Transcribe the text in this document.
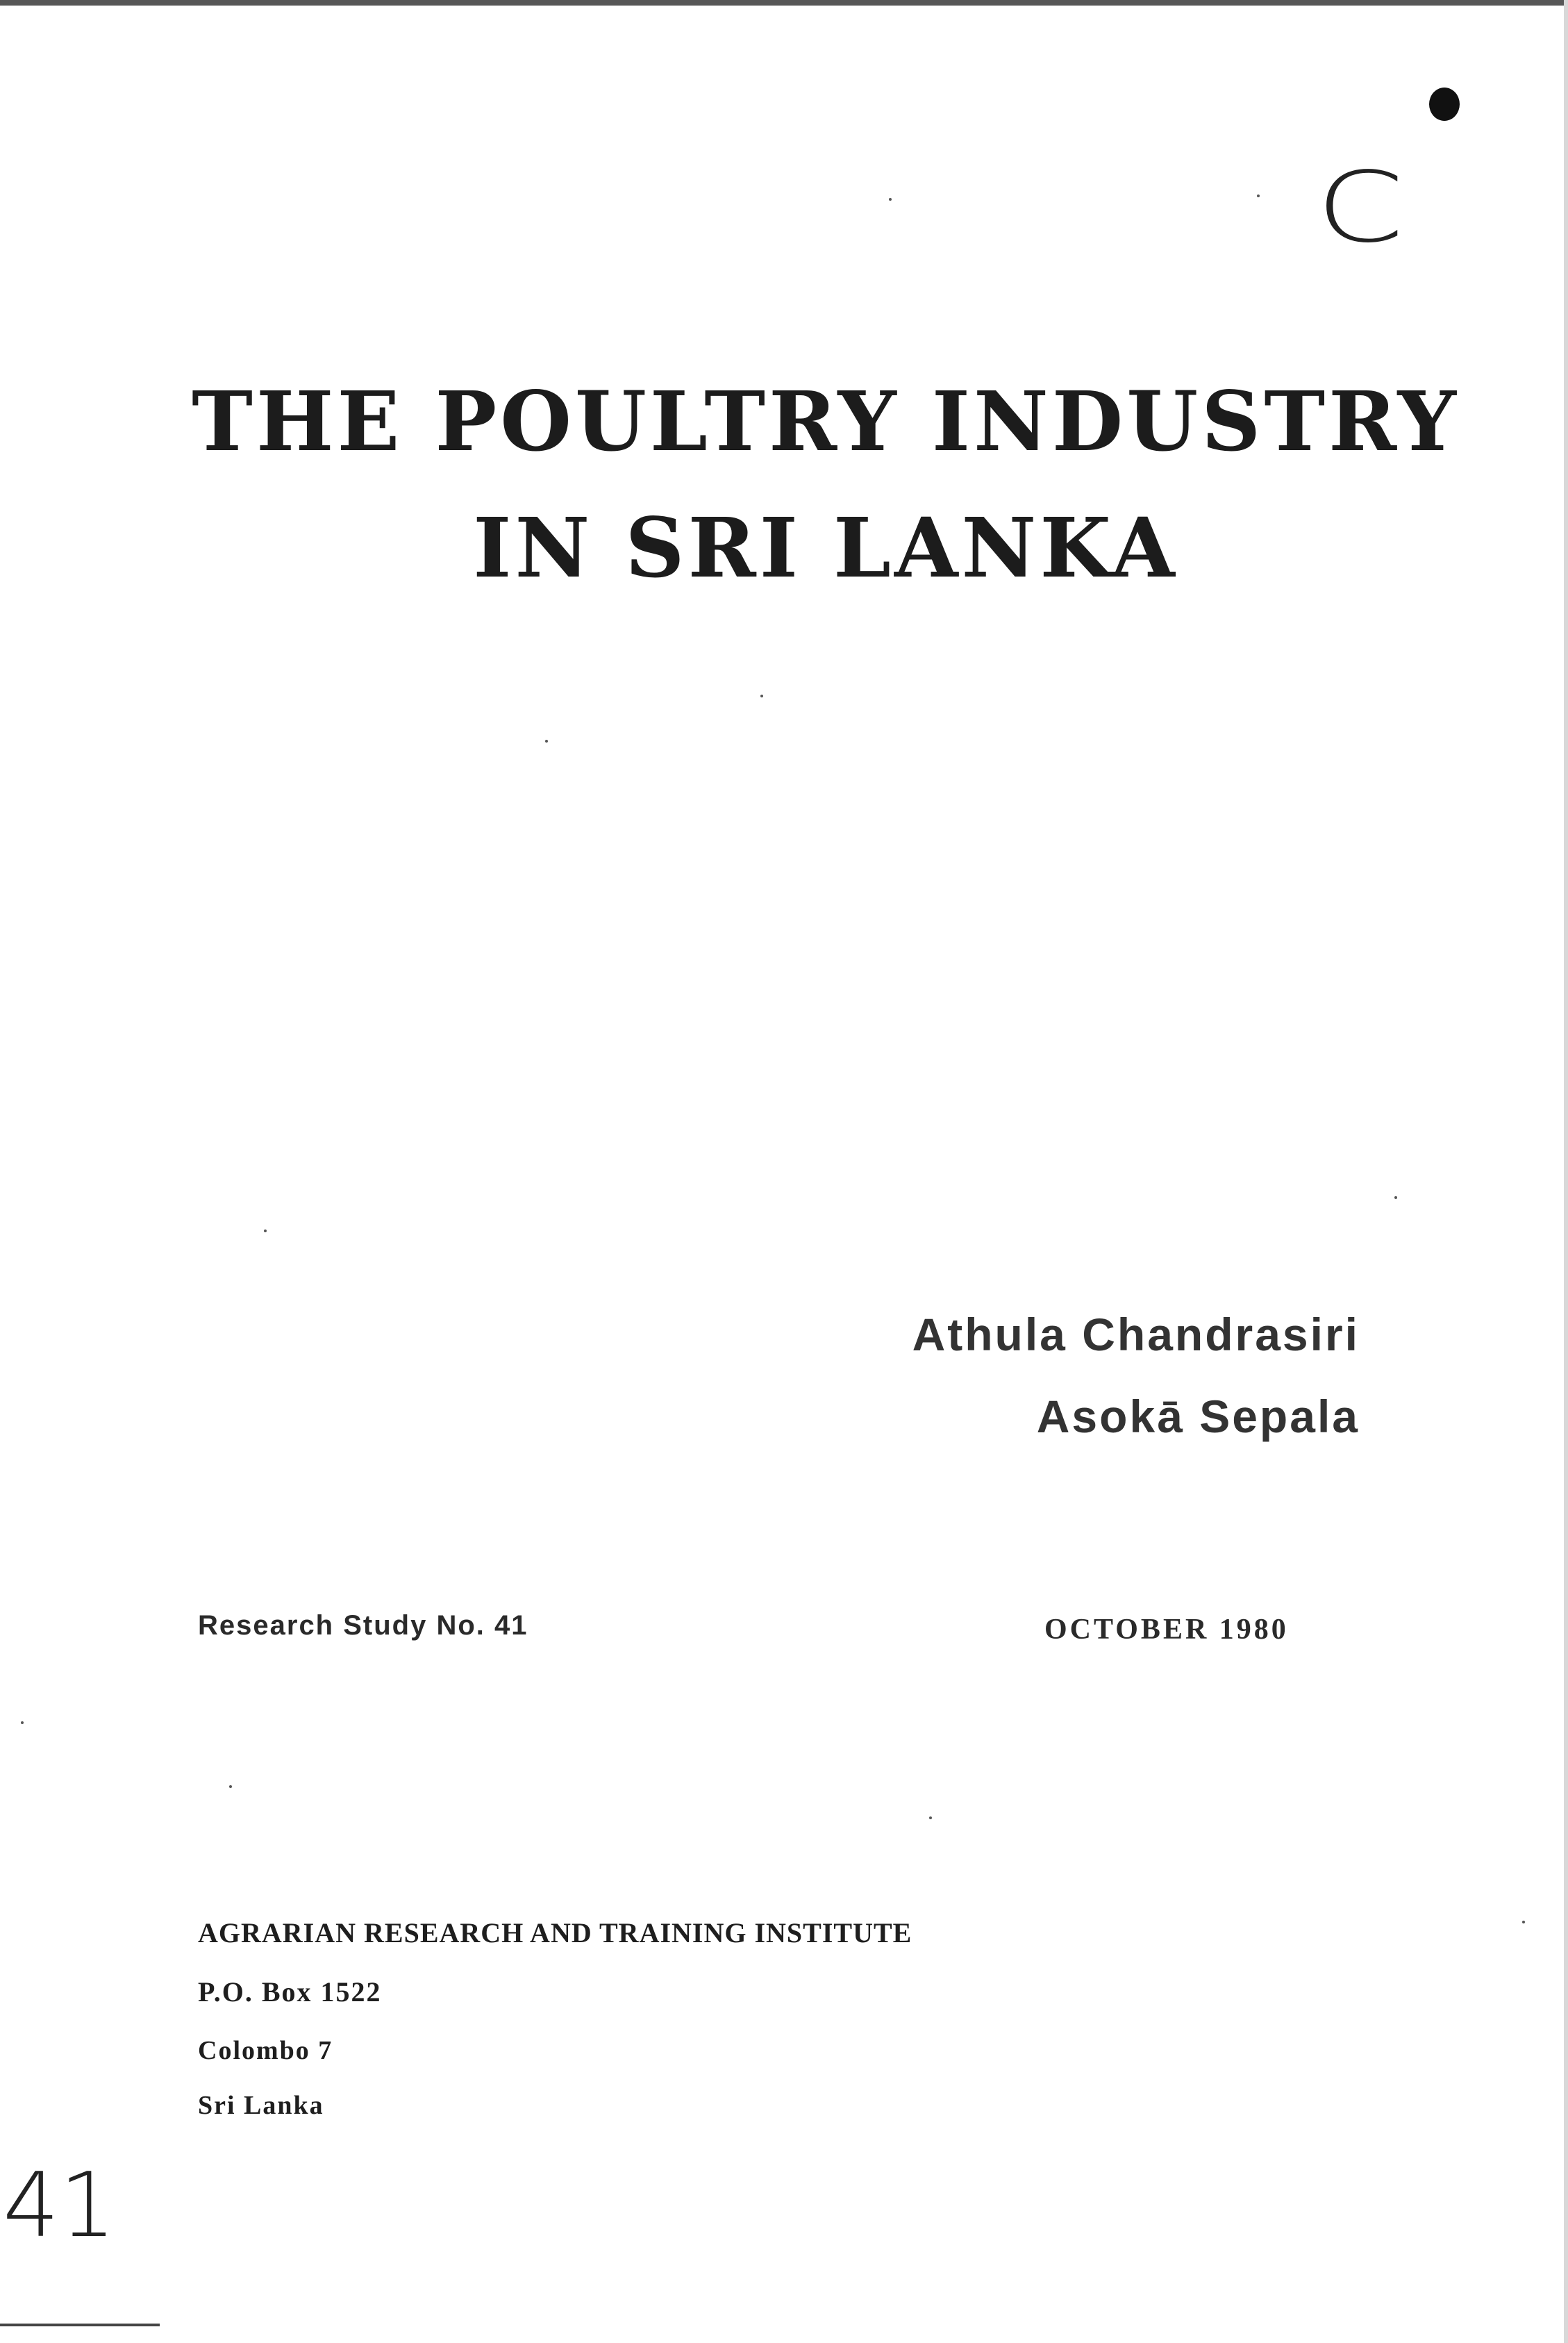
C
THE POULTRY INDUSTRY
IN SRI LANKA
Athula Chandrasiri
Asokā Sepala
Research Study No. 41	OCTOBER 1980
AGRARIAN RESEARCH AND TRAINING INSTITUTE
P.O. Box 1522
Colombo 7
Sri Lanka
41
